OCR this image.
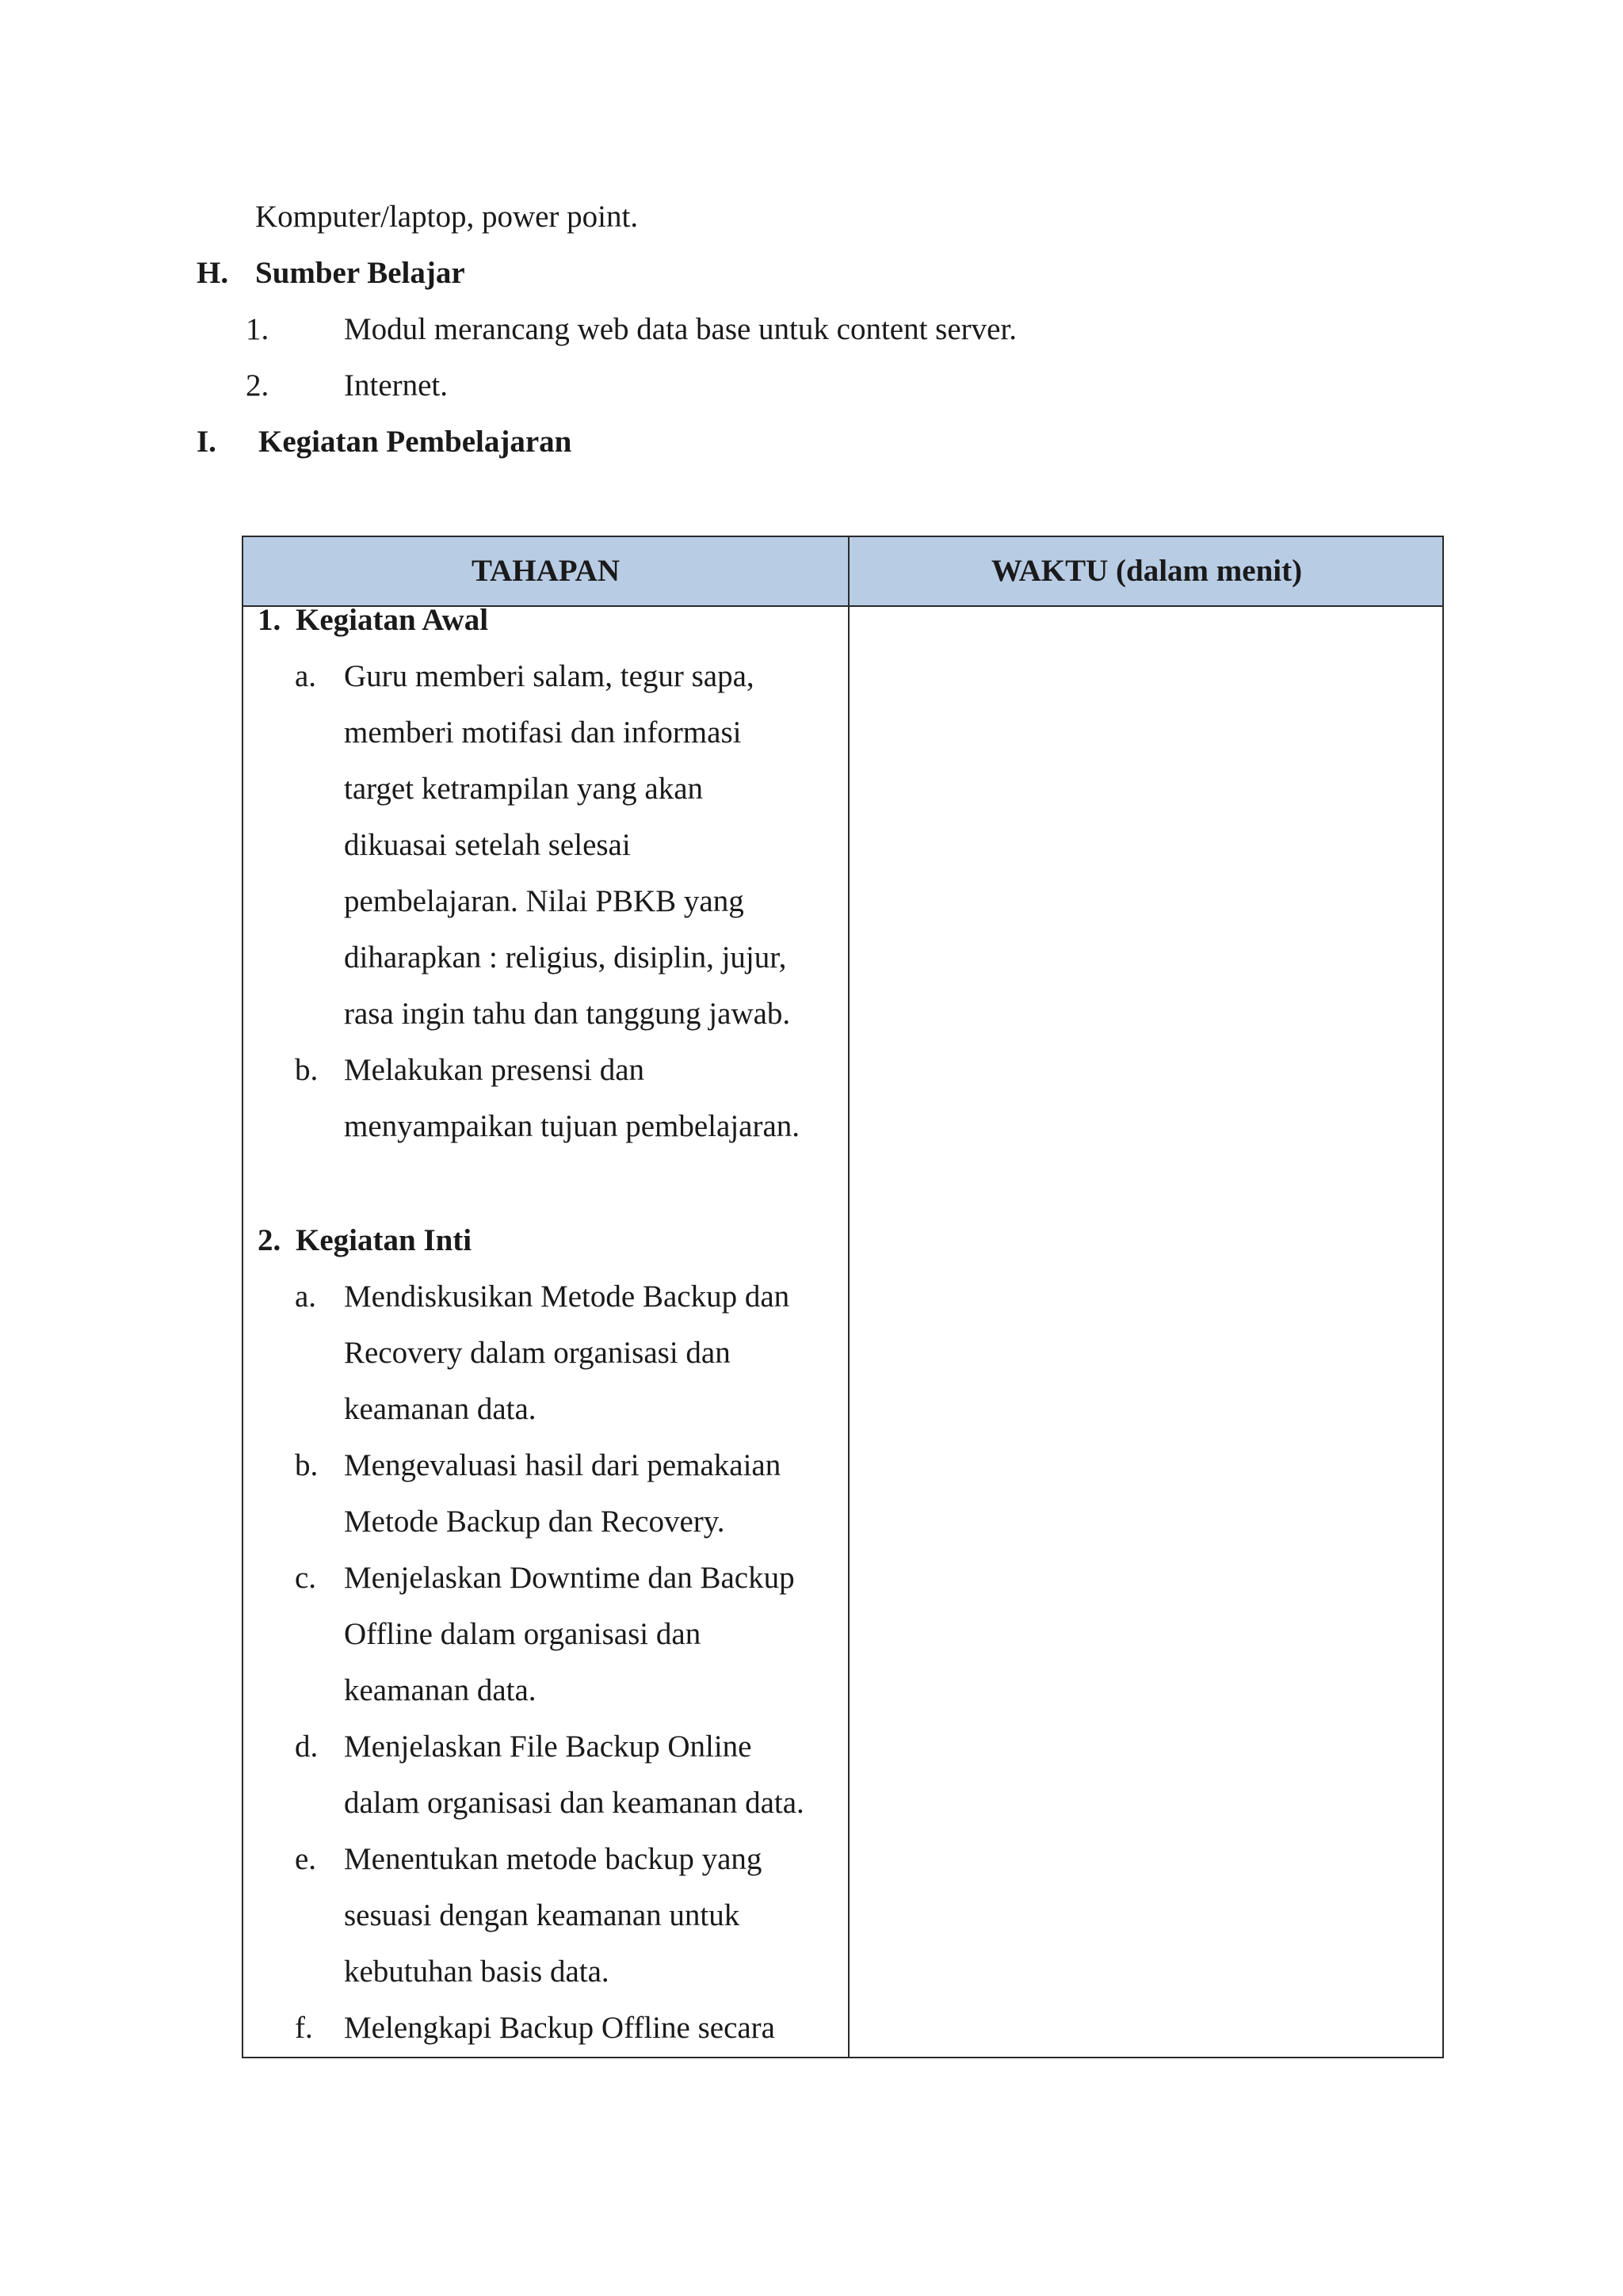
Komputer/laptop, power point.
H. Sumber Belajar
1. Modul merancang web data base untuk content server.
2. Internet.
I. Kegiatan Pembelajaran
TAHAPAN	WAKTU (dalam menit)
1. Kegiatan Awal
a. Guru memberi salam, tegur sapa,
memberi motifasi dan informasi
target ketrampilan yang akan
dikuasai setelah selesai
pembelajaran. Nilai PBKB yang
diharapkan : religius, disiplin, jujur,
rasa ingin tahu dan tanggung jawab.
b. Melakukan presensi dan
menyampaikan tujuan pembelajaran.
2. Kegiatan Inti
a. Mendiskusikan Metode Backup dan
Recovery dalam organisasi dan
keamanan data.
b. Mengevaluasi hasil dari pemakaian
Metode Backup dan Recovery.
c. Menjelaskan Downtime dan Backup
Offline dalam organisasi dan
keamanan data.
d. Menjelaskan File Backup Online
dalam organisasi dan keamanan data.
e. Menentukan metode backup yang
sesuasi dengan keamanan untuk
kebutuhan basis data.
f. Melengkapi Backup Offline secara
